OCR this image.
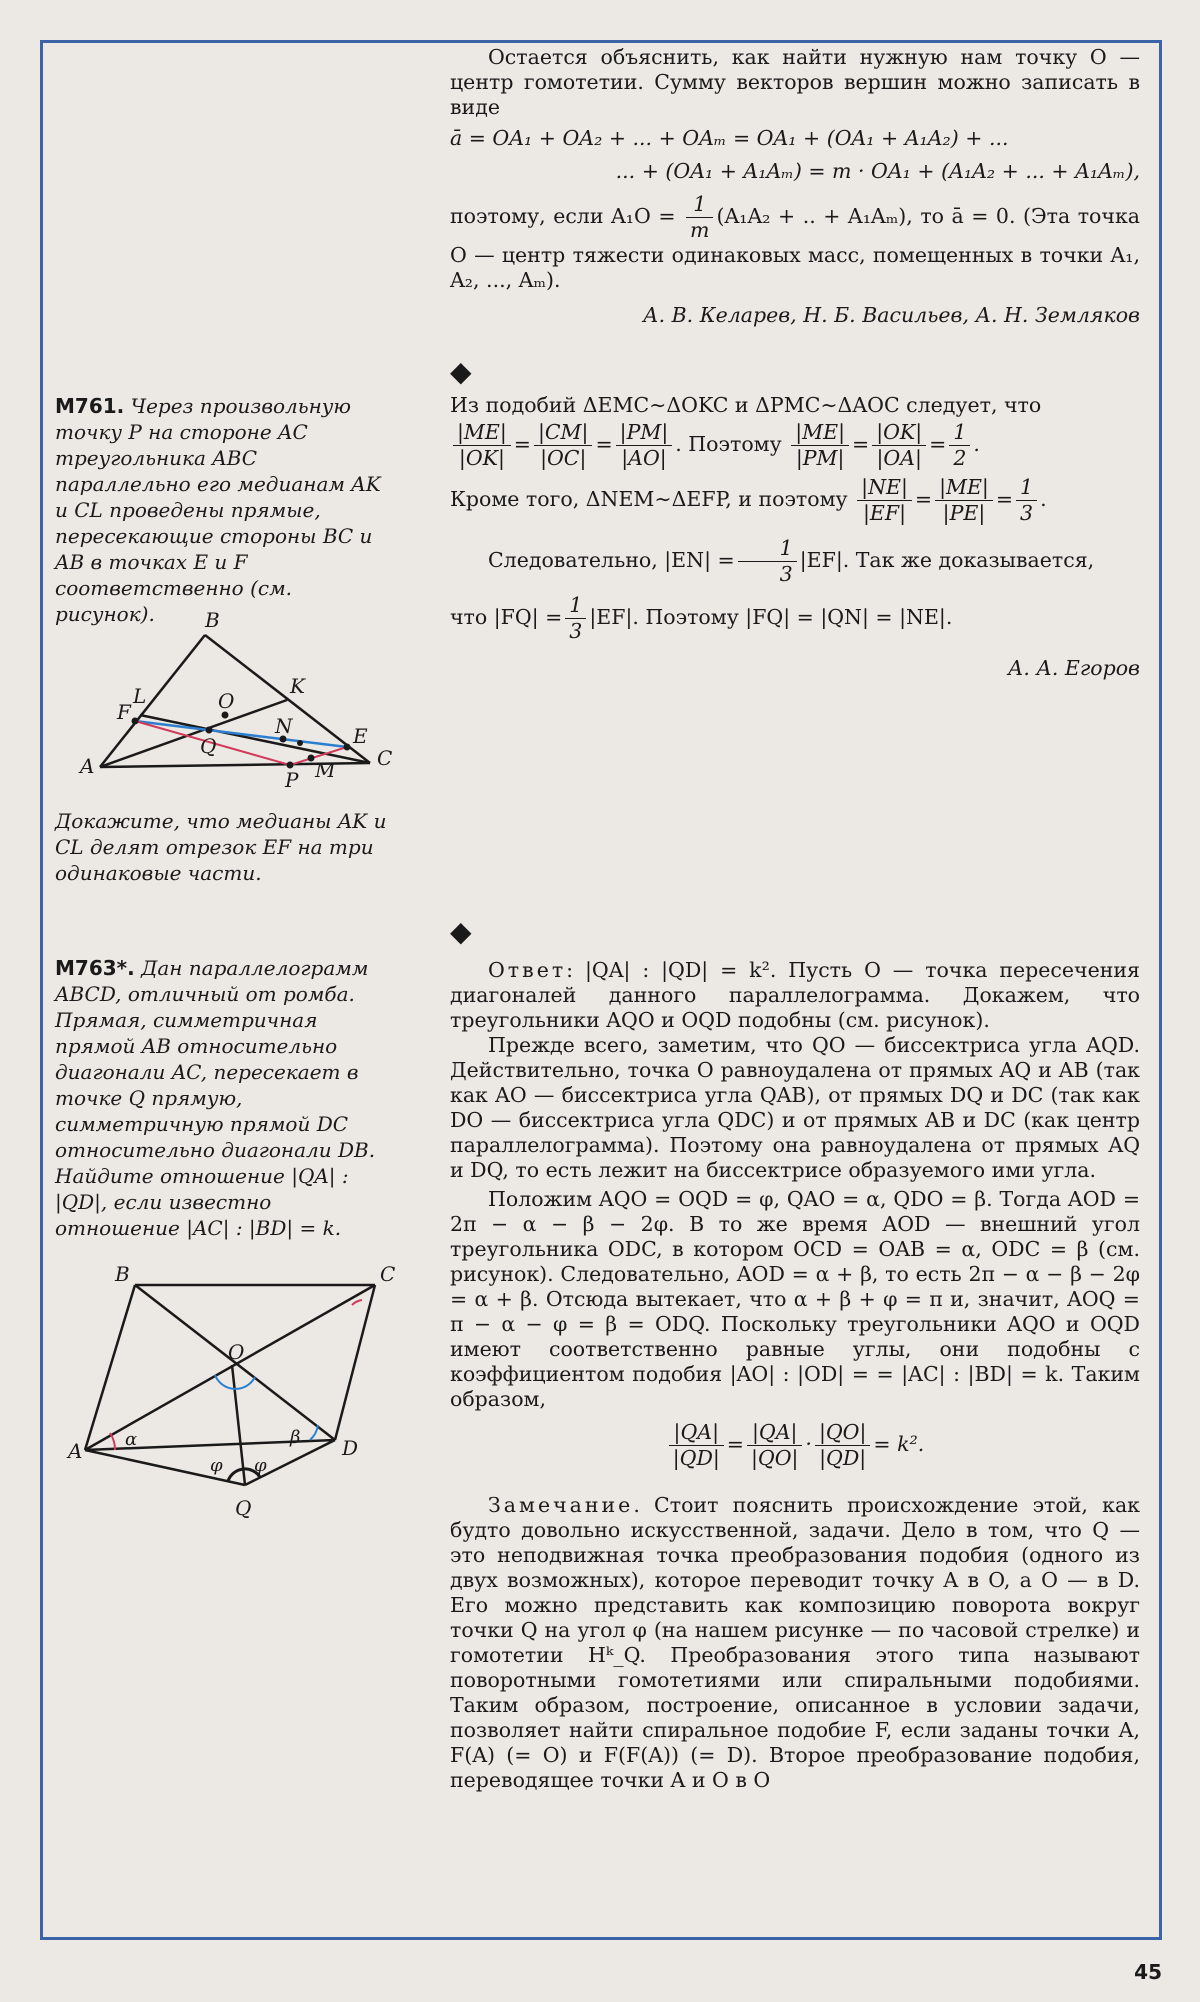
Остается объяснить, как найти нужную нам точку O — центр гомотетии. Сумму векторов вершин можно записать в виде

ā = OA₁ + OA₂ + ... + OAₘ = OA₁ + (OA₁ + A₁A₂) + ...

... + (OA₁ + A₁Aₘ) = m · OA₁ + (A₁A₂ + ... + A₁Aₘ),

поэтому, если $A_1O = \frac{1}{m} (A_1A_2$ + .. + A₁Aₘ), то ā = 0. (Эта точка O — центр тяжести одинаковых масс, помещенных в точки A₁, A₂, ..., Aₘ).

А. В. Келарев, Н. Б. Васильев, А. Н. Земляков

◆
М761. Через произвольную точку P на стороне AC треугольника ABC параллельно его медианам AK и CL проведены прямые, пересекающие стороны BC и AB в точках E и F соответственно (см. рисунок).	B
L	K
F	O
N	E
C
A
Q
P M
Докажите, что медианы AK и CL делят отрезок EF на три одинаковые части.

Из подобий ΔEMC∼ΔOKC и ΔPMC∼ΔAOC следует, что

$\frac{|ME|}{|OK|} = \frac{|CM|}{|OC|} = \frac{|PM|}{|AO|}$ . Поэтому $\frac{|ME|}{|PM|} = \frac{|OK|}{|OA|} = \frac{1}{2}$ .

Кроме того, ΔNEM∼ΔEFP, и поэтому $\frac{|NE|}{|EF|} = \frac{|ME|}{|PE|} = \frac{1}{3}$ .

Следовательно, $|EN| = \frac{1}{3} |EF|$. Так же доказывается,

что $|FQ| = \frac{1}{3} |EF|$. Поэтому |FQ| = |QN| = |NE|.

А. А. Егоров

◆
М763*. Дан параллелограмм ABCD, отличный от ромба. Прямая, симметричная прямой AB относительно диагонали AC, пересекает в точке Q прямую, симметричную прямой DC относительно диагонали DB. Найдите отношение |QA| : |QD|, если известно отношение |AC| : |BD| = k.
B	C
O
A	D
Q
α	β
φ φ

Ответ: |QA| : |QD| = k². Пусть O — точка пересечения диагоналей данного параллелограмма. Докажем, что треугольники AQO и OQD подобны (см. рисунок).

Прежде всего, заметим, что QO — биссектриса угла AQD. Действительно, точка O равноудалена от прямых AQ и AB (так как AO — биссектриса угла QAB), от прямых DQ и DC (так как DO — биссектриса угла QDC) и от прямых AB и DC (как центр параллелограмма). Поэтому она равноудалена от прямых AQ и DQ, то есть лежит на биссектрисе образуемого ими угла.

Положим AQO = OQD = φ, QAO = α, QDO = β. Тогда AOD = 2π − α − β − 2φ. В то же время AOD — внешний угол треугольника ODC, в котором OCD = OAB = α, ODC = β (см. рисунок). Следовательно, AOD = α + β, то есть 2π − α − β − 2φ = α + β. Отсюда вытекает, что α + β + φ = π и, значит, AOQ = π − α − φ = β = ODQ. Поскольку треугольники AQO и OQD имеют соответственно равные углы, они подобны с коэффициентом подобия |AO| : |OD| = = |AC| : |BD| = k. Таким образом,

$\frac{|QA|}{|QD|} = \frac{|QA|}{|QO|} \cdot \frac{|QO|}{|QD|} = k^2$.

Замечание. Стоит пояснить происхождение этой, как будто довольно искусственной, задачи. Дело в том, что Q — это неподвижная точка преобразования подобия (одного из двух возможных), которое переводит точку A в O, а O — в D. Его можно представить как композицию поворота вокруг точки Q на угол φ (на нашем рисунке — по часовой стрелке) и гомотетии Hᵏ_Q. Преобразования этого типа называют поворотными гомотетиями или спиральными подобиями. Таким образом, построение, описанное в условии задачи, позволяет найти спиральное подобие F, если заданы точки A, F(A) (= O) и F(F(A)) (= D). Второе преобразование подобия, переводящее точки A и O в O

45
